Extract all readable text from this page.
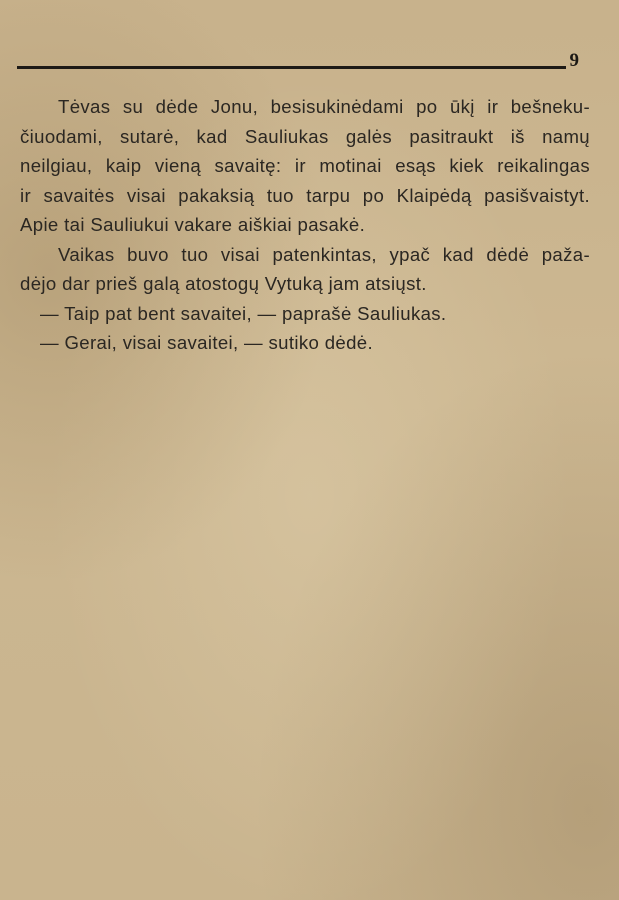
9
Tėvas su dėde Jonu, besisukinėdami po ūkį ir bešneku-
čiuodami, sutarė, kad Sauliukas galės pasitraukt iš namų
neilgiau, kaip vieną savaitę: ir motinai esąs kiek reikalingas
ir savaitės visai pakaksią tuo tarpu po Klaipėdą pasišvaistyt.
Apie tai Sauliukui vakare aiškiai pasakė.
Vaikas buvo tuo visai patenkintas, ypač kad dėdė paža-
dėjo dar prieš galą atostogų Vytuką jam atsiųst.
— Taip pat bent savaitei, — paprašė Sauliukas.
— Gerai, visai savaitei, — sutiko dėdė.
